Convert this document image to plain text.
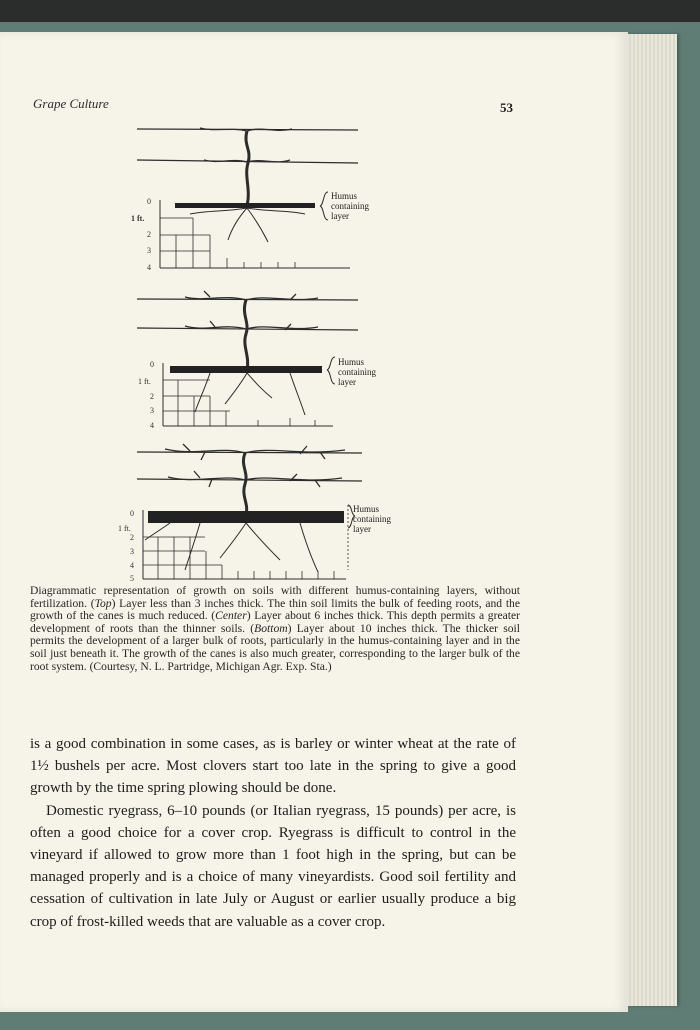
Grape Culture	53
0
1 ft.
2
3
4
Humus
containing
layer
0
1 ft.
2
3
4
Humus
containing
layer
0
1 ft.
2
3
4
5
Humus
containing
layer

Diagrammatic representation of growth on soils with different humus-containing layers, without fertilization. (Top) Layer less than 3 inches thick. The thin soil limits the bulk of feeding roots, and the growth of the canes is much reduced. (Center) Layer about 6 inches thick. This depth permits a greater development of roots than the thinner soils. (Bottom) Layer about 10 inches thick. The thicker soil permits the development of a larger bulk of roots, particularly in the humus-containing layer and in the soil just beneath it. The growth of the canes is also much greater, corresponding to the larger bulk of the root system. (Courtesy, N. L. Partridge, Michigan Agr. Exp. Sta.)

is a good combination in some cases, as is barley or winter wheat at the rate of 1½ bushels per acre. Most clovers start too late in the spring to give a good growth by the time spring plowing should be done.

Domestic ryegrass, 6–10 pounds (or Italian ryegrass, 15 pounds) per acre, is often a good choice for a cover crop. Ryegrass is difficult to control in the vineyard if allowed to grow more than 1 foot high in the spring, but can be managed properly and is a choice of many vineyardists. Good soil fertility and cessation of cultivation in late July or August or earlier usually produce a big crop of frost-killed weeds that are valuable as a cover crop.
